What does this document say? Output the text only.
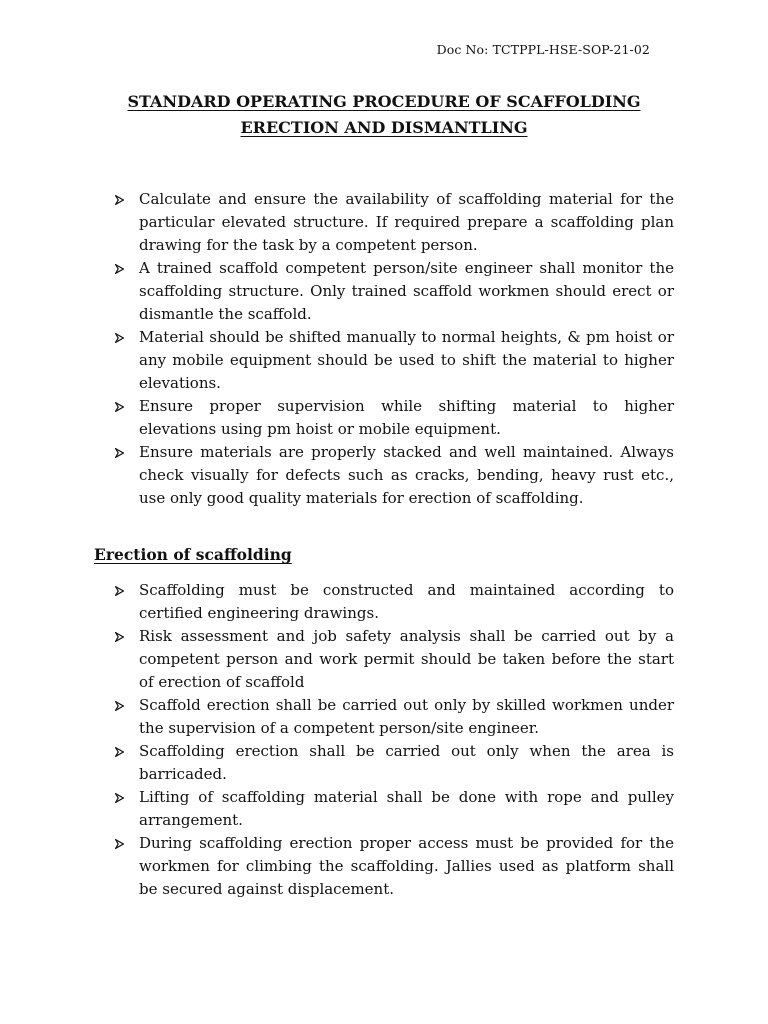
Doc No: TCTPPL-HSE-SOP-21-02
STANDARD OPERATING PROCEDURE OF SCAFFOLDING
ERECTION AND DISMANTLING
Calculate and ensure the availability of scaffolding material for the particular elevated structure. If required prepare a scaffolding plan drawing for the task by a competent person.
A trained scaffold competent person/site engineer shall monitor the scaffolding structure. Only trained scaffold workmen should erect or dismantle the scaffold.
Material should be shifted manually to normal heights, & pm hoist or any mobile equipment should be used to shift the material to higher elevations.
Ensure proper supervision while shifting material to higher elevations using pm hoist or mobile equipment.
Ensure materials are properly stacked and well maintained. Always check visually for defects such as cracks, bending, heavy rust etc., use only good quality materials for erection of scaffolding.
Erection of scaffolding
Scaffolding must be constructed and maintained according to certified engineering drawings.
Risk assessment and job safety analysis shall be carried out by a competent person and work permit should be taken before the start of erection of scaffold
Scaffold erection shall be carried out only by skilled workmen under the supervision of a competent person/site engineer.
Scaffolding erection shall be carried out only when the area is barricaded.
Lifting of scaffolding material shall be done with rope and pulley arrangement.
During scaffolding erection proper access must be provided for the workmen for climbing the scaffolding. Jallies used as platform shall be secured against displacement.
